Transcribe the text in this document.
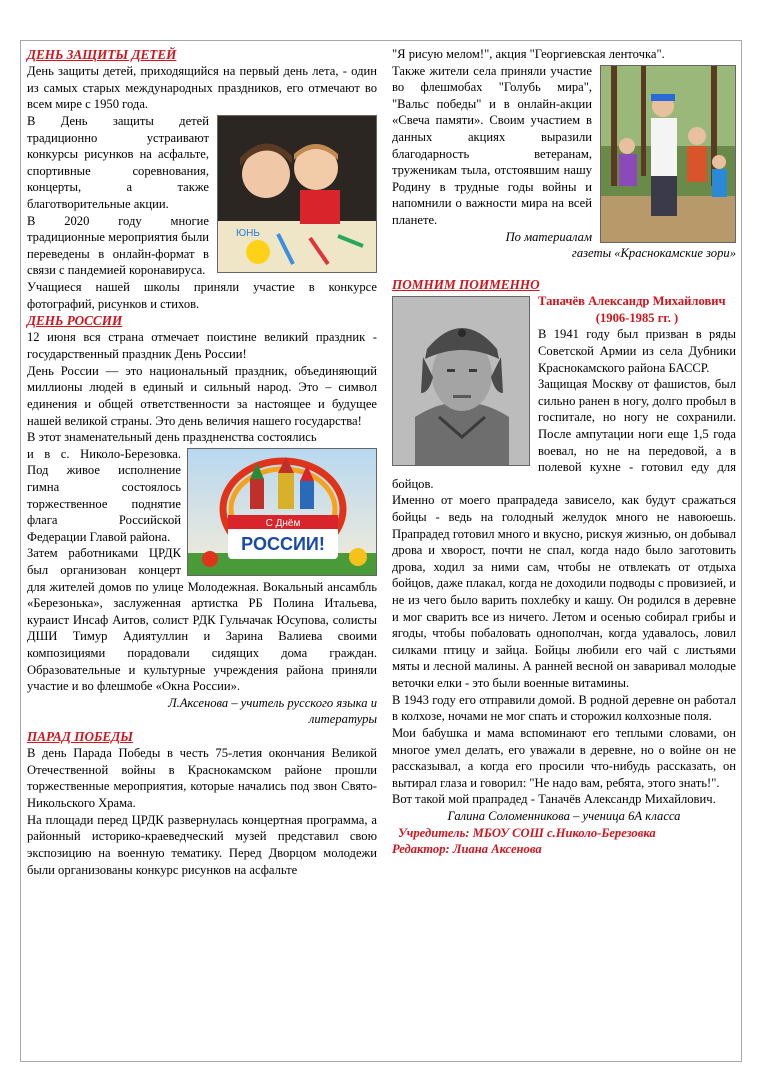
ДЕНЬ ЗАЩИТЫ ДЕТЕЙ

День защиты детей, приходящийся на первый день лета, - один из самых старых международных праздников, его отмечают во всем мире с 1950 года.

ЮНЬ

В День защиты детей традиционно устраивают конкурсы рисунков на асфальте, спортивные соревнования, концерты, а также благотворительные акции.

В 2020 году многие традиционные мероприятия были переведены в онлайн-формат в связи с пандемией коронавируса.

Учащиеся нашей школы приняли участие в конкурсе фотографий, рисунков и стихов.

ДЕНЬ РОССИИ

12 июня вся страна отмечает поистине великий праздник - государственный праздник День России!

День России — это национальный праздник, объединяющий миллионы людей в единый и сильный народ. Это – символ единения и общей ответственности за настоящее и будущее нашей великой страны. Это день величия нашего государства!

В этот знаменательный день праздненства состоялись

С Днём
РОССИИ!

и в с. Николо-Березовка. Под живое исполнение гимна состоялось торжественное поднятие флага Российской Федерации Главой района.

Затем работниками ЦРДК был организован концерт для жителей домов по улице Молодежная. Вокальный ансамбль «Березонька», заслуженная артистка РБ Полина Итальева, кураист Инсаф Аитов, солист РДК Гульчачак Юсупова, солисты ДШИ Тимур Адиятуллин и Зарина Валиева своими композициями порадовали сидящих дома граждан. Образовательные и культурные учреждения района приняли участие и во флешмобе «Окна России».

Л.Аксенова – учитель русского языка и литературы

ПАРАД ПОБЕДЫ

В день Парада Победы в честь 75-летия окончания Великой Отечественной войны в Краснокамском районе прошли торжественные мероприятия, которые начались под звон Свято-Никольского Храма.

На площади перед ЦРДК развернулась концертная программа, а районный историко-краеведческий музей представил свою экспозицию на военную тематику. Перед Дворцом молодежи были организованы конкурс рисунков на асфальте

"Я рисую мелом!", акция "Георгиевская ленточка".

Также жители села приняли участие во флешмобах "Голубь мира", "Вальс победы" и в онлайн-акции «Свеча памяти». Своим участием в данных акциях выразили благодарность ветеранам, труженикам тыла, отстоявшим нашу Родину в трудные годы войны и напомнили о важности мира на всей планете.

По материалам газеты «Краснокамские зори»

ПОМНИМ ПОИМЕННО

Таначёв Александр Михайлович

(1906-1985 гг. )

В 1941 году был призван в ряды Советской Армии из села Дубники Краснокамского района БАССР.

Защищая Москву от фашистов, был сильно ранен в ногу, долго пробыл в госпитале, но ногу не сохранили. После ампутации ноги еще 1,5 года воевал, но не на передовой, а в полевой кухне - готовил еду для бойцов.

Именно от моего прапрадеда зависело, как будут сражаться бойцы - ведь на голодный желудок много не навоюешь. Прапрадед готовил много и вкусно, рискуя жизнью, он добывал дрова и хворост, почти не спал, когда надо было заготовить дрова, ходил за ними сам, чтобы не отвлекать от отдыха бойцов, даже плакал, когда не доходили подводы с провизией, и не из чего было варить похлебку и кашу. Он родился в деревне и мог сварить все из ничего. Летом и осенью собирал грибы и ягоды, чтобы побаловать однополчан, когда удавалось, ловил силками птицу и зайца. Бойцы любили его чай с листьями мяты и лесной малины. А ранней весной он заваривал молодые веточки елки - это были военные витамины.

В 1943 году его отправили домой. В родной деревне он работал в колхозе, ночами не мог спать и сторожил колхозные поля.

Мои бабушка и мама вспоминают его теплыми словами, он многое умел делать, его уважали в деревне, но о войне он не рассказывал, а когда его просили что-нибудь рассказать, он вытирал глаза и говорил: "Не надо вам, ребята, этого знать!".

Вот такой мой прапрадед - Таначёв Александр Михайлович.

Галина Соломенникова – ученица 6А класса

Учредитель: МБОУ СОШ с.Николо-Березовка

Редактор: Лиана Аксенова
